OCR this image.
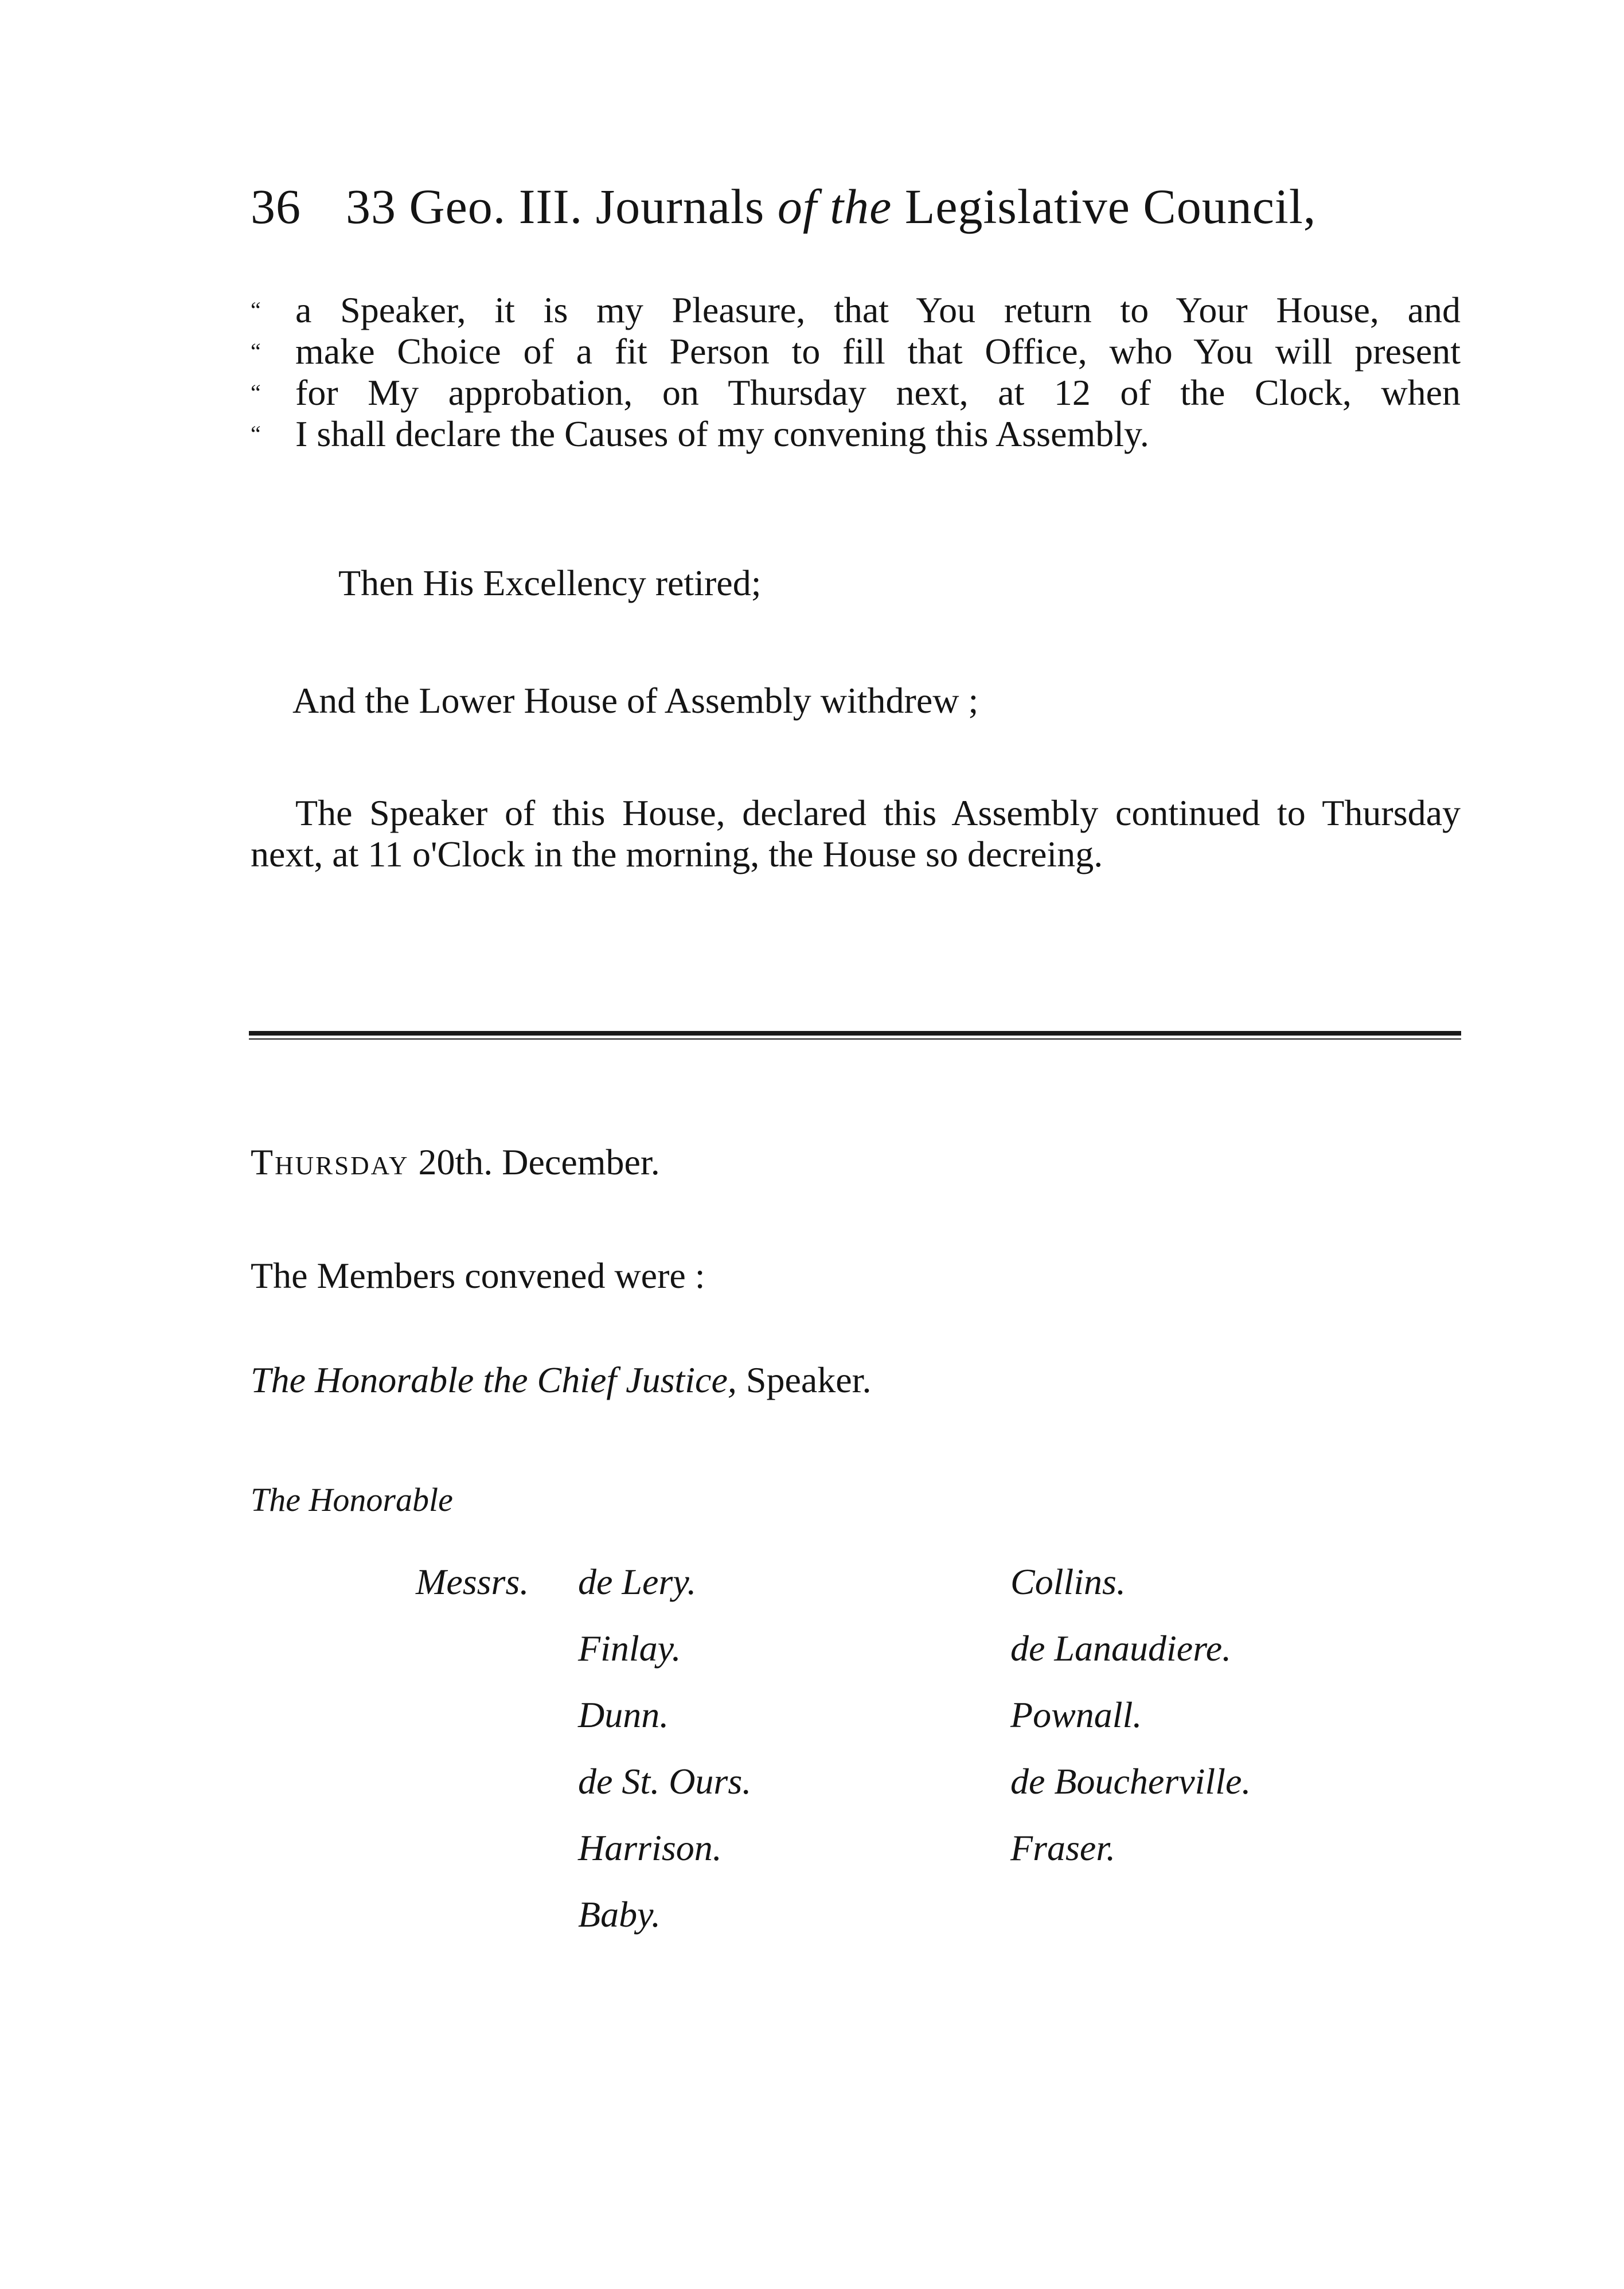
36 33 Geo. III. Journals of the Legislative Council,
“ a Speaker, it is my Pleasure, that You return to Your House, and
“ make Choice of a fit Person to fill that Office, who You will present
“ for My approbation, on Thursday next, at 12 of the Clock, when
“ I shall declare the Causes of my convening this Assembly.
Then His Excellency retired;
And the Lower House of Assembly withdrew ;
The Speaker of this House, declared this Assembly continued to Thursday next, at 11 o'Clock in the morning, the House so decreing.
Thursday 20th. December.
The Members convened were :
The Honorable the Chief Justice, Speaker.
The Honorable
Messrs. de Lery.
Finlay.
Dunn.
de St. Ours.
Harrison.
Baby.
Collins.
de Lanaudiere.
Pownall.
de Boucherville.
Fraser.
